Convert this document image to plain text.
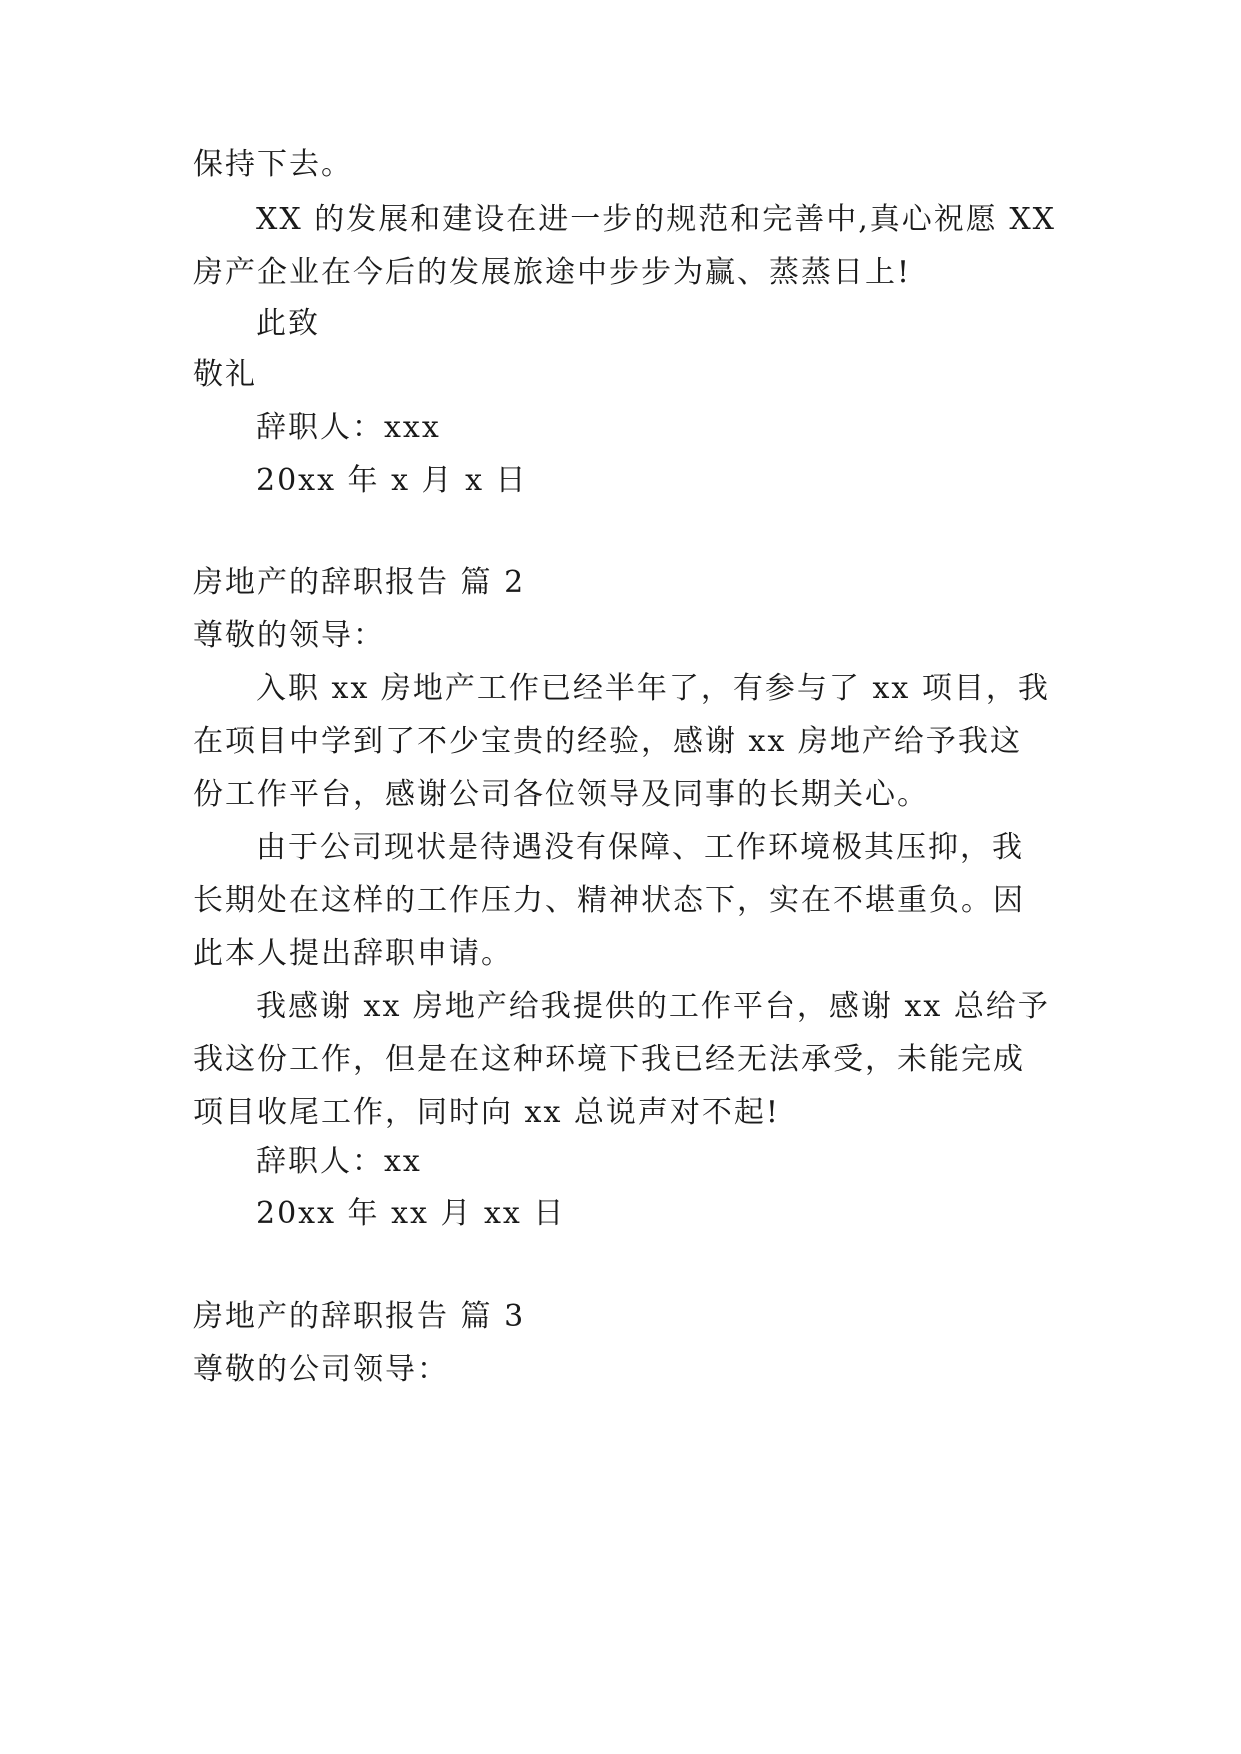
保持下去。
XX 的发展和建设在进一步的规范和完善中,真心祝愿 XX
房产企业在今后的发展旅途中步步为赢、蒸蒸日上!
此致
敬礼
辞职人：xxx
20xx 年 x 月 x 日
房地产的辞职报告 篇 2
尊敬的领导：
入职 xx 房地产工作已经半年了，有参与了 xx 项目，我
在项目中学到了不少宝贵的经验，感谢 xx 房地产给予我这
份工作平台，感谢公司各位领导及同事的长期关心。
由于公司现状是待遇没有保障、工作环境极其压抑，我
长期处在这样的工作压力、精神状态下，实在不堪重负。因
此本人提出辞职申请。
我感谢 xx 房地产给我提供的工作平台，感谢 xx 总给予
我这份工作，但是在这种环境下我已经无法承受，未能完成
项目收尾工作，同时向 xx 总说声对不起!
辞职人：xx
20xx 年 xx 月 xx 日
房地产的辞职报告 篇 3
尊敬的公司领导：
